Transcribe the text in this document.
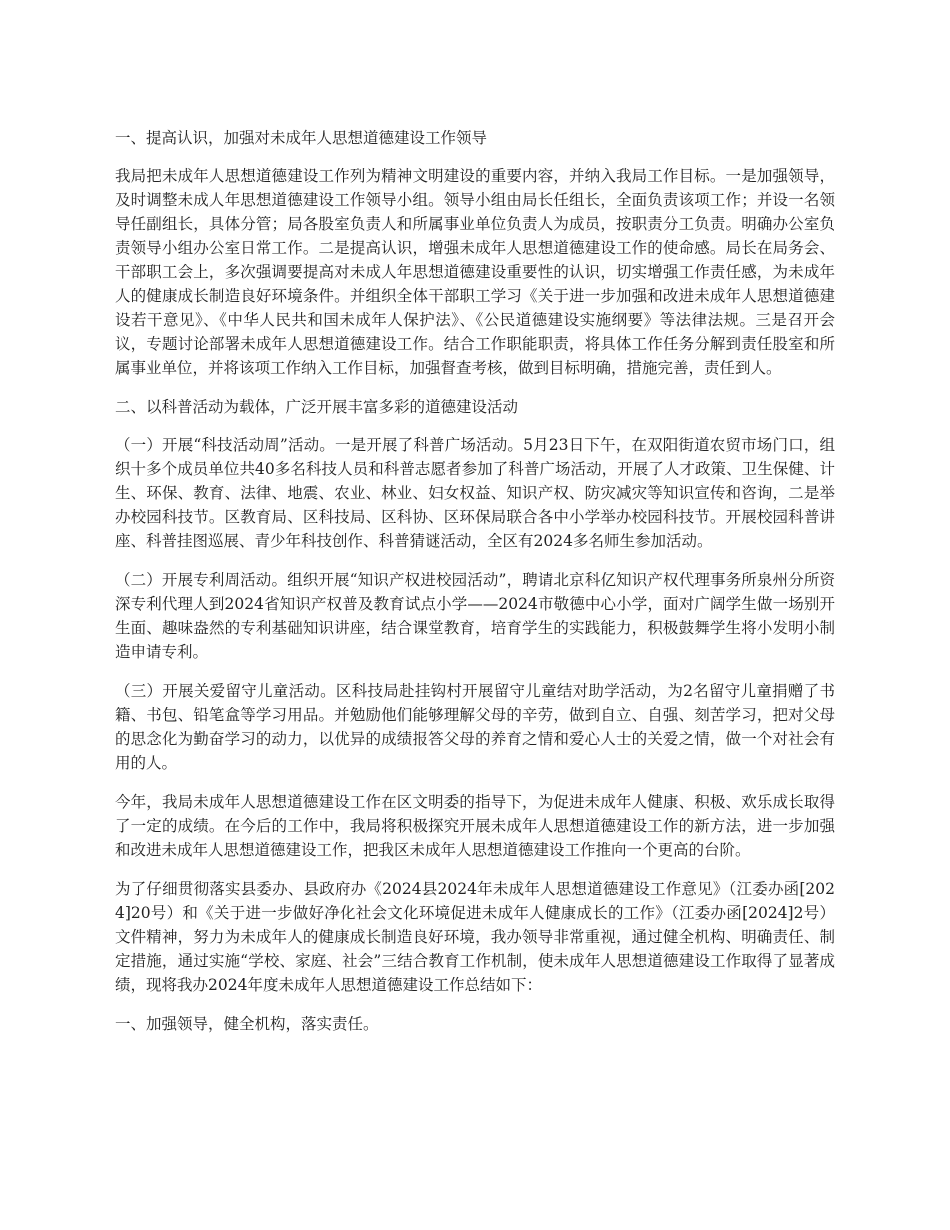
一、提高认识，加强对未成年人思想道德建设工作领导

我局把未成年人思想道德建设工作列为精神文明建设的重要内容，并纳入我局工作目标。一是加强领导，及时调整未成人年思想道德建设工作领导小组。领导小组由局长任组长，全面负责该项工作；并设一名领导任副组长，具体分管；局各股室负责人和所属事业单位负责人为成员，按职责分工负责。明确办公室负责领导小组办公室日常工作。二是提高认识，增强未成年人思想道德建设工作的使命感。局长在局务会、干部职工会上，多次强调要提高对未成人年思想道德建设重要性的认识，切实增强工作责任感，为未成年人的健康成长制造良好环境条件。并组织全体干部职工学习《关于进一步加强和改进未成年人思想道德建设若干意见》、《中华人民共和国未成年人保护法》、《公民道德建设实施纲要》等法律法规。三是召开会议，专题讨论部署未成年人思想道德建设工作。结合工作职能职责，将具体工作任务分解到责任股室和所属事业单位，并将该项工作纳入工作目标，加强督查考核，做到目标明确，措施完善，责任到人。

二、以科普活动为载体，广泛开展丰富多彩的道德建设活动

（一）开展“科技活动周”活动。一是开展了科普广场活动。5月23日下午，在双阳街道农贸市场门口，组织十多个成员单位共40多名科技人员和科普志愿者参加了科普广场活动，开展了人才政策、卫生保健、计生、环保、教育、法律、地震、农业、林业、妇女权益、知识产权、防灾减灾等知识宣传和咨询，二是举办校园科技节。区教育局、区科技局、区科协、区环保局联合各中小学举办校园科技节。开展校园科普讲座、科普挂图巡展、青少年科技创作、科普猜谜活动，全区有2024多名师生参加活动。

（二）开展专利周活动。组织开展“知识产权进校园活动”，聘请北京科亿知识产权代理事务所泉州分所资深专利代理人到2024省知识产权普及教育试点小学——2024市敬德中心小学，面对广阔学生做一场别开生面、趣味盎然的专利基础知识讲座，结合课堂教育，培育学生的实践能力，积极鼓舞学生将小发明小制造申请专利。

（三）开展关爱留守儿童活动。区科技局赴挂钩村开展留守儿童结对助学活动，为2名留守儿童捐赠了书籍、书包、铅笔盒等学习用品。并勉励他们能够理解父母的辛劳，做到自立、自强、刻苦学习，把对父母的思念化为勤奋学习的动力，以优异的成绩报答父母的养育之情和爱心人士的关爱之情，做一个对社会有用的人。

今年，我局未成年人思想道德建设工作在区文明委的指导下，为促进未成年人健康、积极、欢乐成长取得了一定的成绩。在今后的工作中，我局将积极探究开展未成年人思想道德建设工作的新方法，进一步加强和改进未成年人思想道德建设工作，把我区未成年人思想道德建设工作推向一个更高的台阶。

为了仔细贯彻落实县委办、县政府办《2024县2024年未成年人思想道德建设工作意见》（江委办函[2024]20号）和《关于进一步做好净化社会文化环境促进未成年人健康成长的工作》（江委办函[2024]2号）文件精神，努力为未成年人的健康成长制造良好环境，我办领导非常重视，通过健全机构、明确责任、制定措施，通过实施“学校、家庭、社会”三结合教育工作机制，使未成年人思想道德建设工作取得了显著成绩，现将我办2024年度未成年人思想道德建设工作总结如下：

一、加强领导，健全机构，落实责任。
